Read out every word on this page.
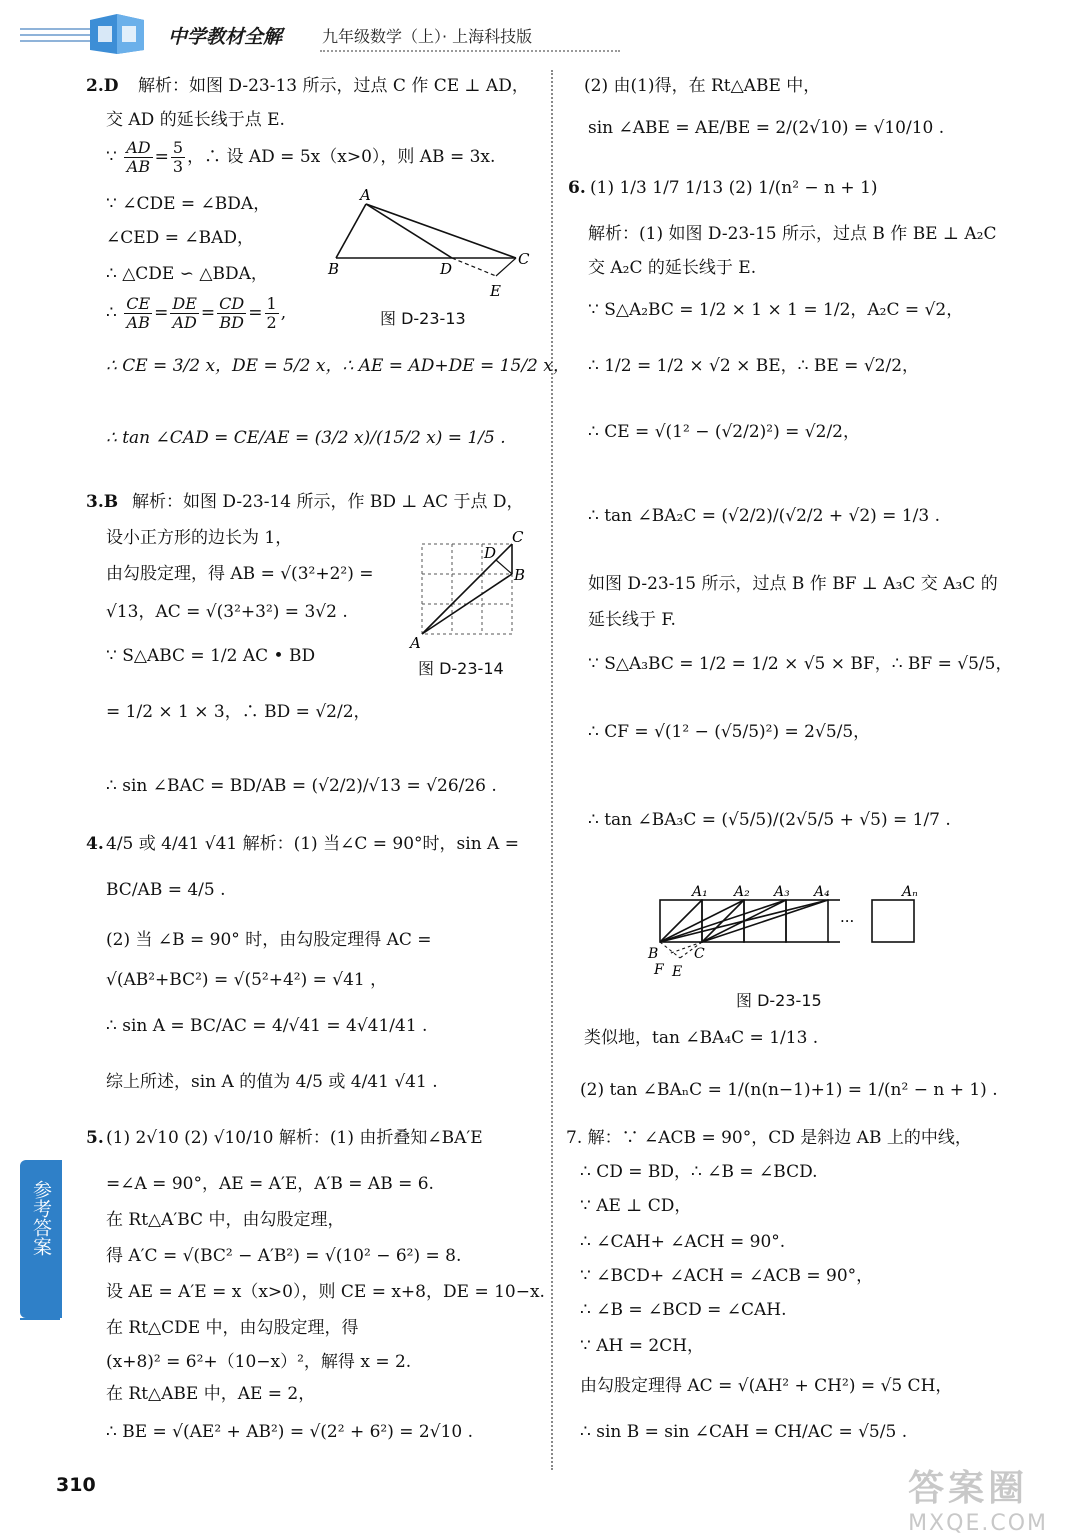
中学教材全解 九年级数学（上）· 上海科技版
2.D 解析：如图 D-23-13 所示，过点 C 作 CE ⊥ AD，
交 AD 的延长线于点 E.
∵ $\frac{AD}{AB} = \frac{5}{3}$ ，∴ 设 AD = 5x（x>0），则 AB = 3x.
∵ ∠CDE = ∠BDA，
∠CED = ∠BAD，
∴ △CDE ∽ △BDA，
∴ $\frac{CE}{AB} = \frac{DE}{AD} = \frac{CD}{BD} = \frac{1}{2}$ ,
∴ CE = 3/2 x，DE = 5/2 x，∴ AE = AD+DE = 15/2 x，
∴ tan ∠CAD = CE/AE = (3/2 x)/(15/2 x) = 1/5 .
A
B	D
C
E
图 D-23-13
3.B 解析：如图 D-23-14 所示，作 BD ⊥ AC 于点 D，
设小正方形的边长为 1，
由勾股定理，得 AB = √(3²+2²) =
√13，AC = √(3²+3²) = 3√2 .
∵ S△ABC = 1/2 AC • BD
= 1/2 × 1 × 3，∴ BD = √2/2，
∴ sin ∠BAC = BD/AB = (√2/2)/√13 = √26/26 .
A
B
C
D
图 D-23-14
4. 4/5 或 4/41 √41 解析：(1) 当∠C = 90°时，sin A =
BC/AB = 4/5 .
(2) 当 ∠B = 90° 时，由勾股定理得 AC =
√(AB²+BC²) = √(5²+4²) = √41 ，
∴ sin A = BC/AC = 4/√41 = 4√41/41 .
综上所述，sin A 的值为 4/5 或 4/41 √41 .
5. (1) 2√10 (2) √10/10 解析：(1) 由折叠知∠BA′E
=∠A = 90°，AE = A′E，A′B = AB = 6.
在 Rt△A′BC 中，由勾股定理，
得 A′C = √(BC² − A′B²) = √(10² − 6²) = 8.
设 AE = A′E = x（x>0），则 CE = x+8，DE = 10−x.
在 Rt△CDE 中，由勾股定理，得
(x+8)² = 6²+（10−x）²，解得 x = 2.
在 Rt△ABE 中，AE = 2，
∴ BE = √(AE² + AB²) = √(2² + 6²) = 2√10 .
(2) 由(1)得，在 Rt△ABE 中，
sin ∠ABE = AE/BE = 2/(2√10) = √10/10 .
6. (1) 1/3 1/7 1/13 (2) 1/(n² − n + 1)
解析：(1) 如图 D-23-15 所示，过点 B 作 BE ⊥ A₂C
交 A₂C 的延长线于 E.
∵ S△A₂BC = 1/2 × 1 × 1 = 1/2，A₂C = √2，
∴ 1/2 = 1/2 × √2 × BE，∴ BE = √2/2，
∴ CE = √(1² − (√2/2)²) = √2/2，
∴ tan ∠BA₂C = (√2/2)/(√2/2 + √2) = 1/3 .
如图 D-23-15 所示，过点 B 作 BF ⊥ A₃C 交 A₃C 的
延长线于 F.
∵ S△A₃BC = 1/2 = 1/2 × √5 × BF，∴ BF = √5/5，
∴ CF = √(1² − (√5/5)²) = 2√5/5，
∴ tan ∠BA₃C = (√5/5)/(2√5/5 + √5) = 1/7 .
A₁ A₂ A₃ A₄	Aₙ
B	C
F E
···
图 D-23-15
类似地，tan ∠BA₄C = 1/13 .
(2) tan ∠BAₙC = 1/(n(n−1)+1) = 1/(n² − n + 1) .
7. 解：∵ ∠ACB = 90°，CD 是斜边 AB 上的中线，
∴ CD = BD，∴ ∠B = ∠BCD.
∵ AE ⊥ CD，
∴ ∠CAH+ ∠ACH = 90°.
∵ ∠BCD+ ∠ACH = ∠ACB = 90°，
∴ ∠B = ∠BCD = ∠CAH.
∵ AH = 2CH，
由勾股定理得 AC = √(AH² + CH²) = √5 CH，
∴ sin B = sin ∠CAH = CH/AC = √5/5 .
参考答案
310	答案圈
MXQE.COM
